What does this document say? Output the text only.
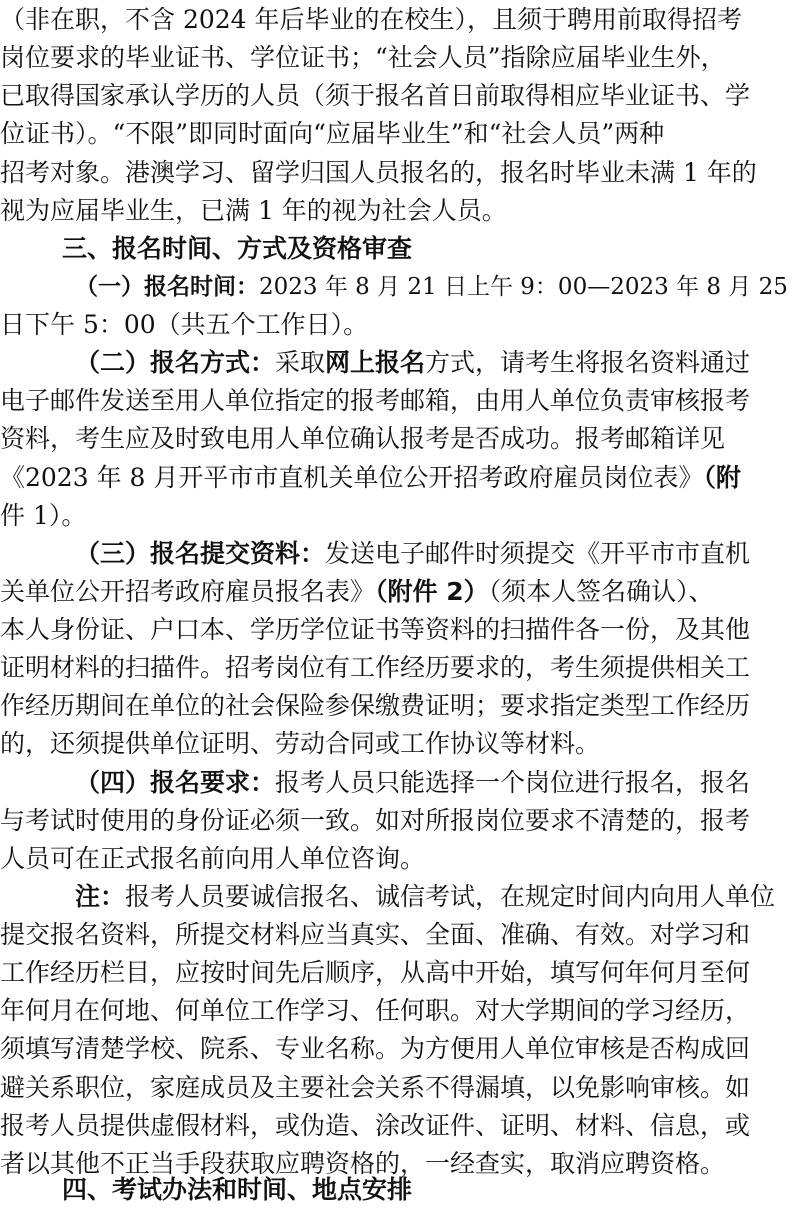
（非在职，不含 2024 年后毕业的在校生），且须于聘用前取得招考
岗位要求的毕业证书、学位证书；“社会人员”指除应届毕业生外，
已取得国家承认学历的人员（须于报名首日前取得相应毕业证书、学
位证书）。“不限”即同时面向“应届毕业生”和“社会人员”两种
招考对象。港澳学习、留学归国人员报名的，报名时毕业未满 1 年的
视为应届毕业生，已满 1 年的视为社会人员。
三、报名时间、方式及资格审查
（一）报名时间：2023 年 8 月 21 日上午 9：00—2023 年 8 月 25
日下午 5：00（共五个工作日）。
（二）报名方式：采取网上报名方式，请考生将报名资料通过
电子邮件发送至用人单位指定的报考邮箱，由用人单位负责审核报考
资料，考生应及时致电用人单位确认报考是否成功。报考邮箱详见
《2023 年 8 月开平市市直机关单位公开招考政府雇员岗位表》（附
件 1）。
（三）报名提交资料：发送电子邮件时须提交《开平市市直机
关单位公开招考政府雇员报名表》（附件 2）（须本人签名确认）、
本人身份证、户口本、学历学位证书等资料的扫描件各一份，及其他
证明材料的扫描件。招考岗位有工作经历要求的，考生须提供相关工
作经历期间在单位的社会保险参保缴费证明；要求指定类型工作经历
的，还须提供单位证明、劳动合同或工作协议等材料。
（四）报名要求：报考人员只能选择一个岗位进行报名，报名
与考试时使用的身份证必须一致。如对所报岗位要求不清楚的，报考
人员可在正式报名前向用人单位咨询。
注：报考人员要诚信报名、诚信考试，在规定时间内向用人单位
提交报名资料，所提交材料应当真实、全面、准确、有效。对学习和
工作经历栏目，应按时间先后顺序，从高中开始，填写何年何月至何
年何月在何地、何单位工作学习、任何职。对大学期间的学习经历，
须填写清楚学校、院系、专业名称。为方便用人单位审核是否构成回
避关系职位，家庭成员及主要社会关系不得漏填，以免影响审核。如
报考人员提供虚假材料，或伪造、涂改证件、证明、材料、信息，或
者以其他不正当手段获取应聘资格的，一经查实，取消应聘资格。
四、考试办法和时间、地点安排
